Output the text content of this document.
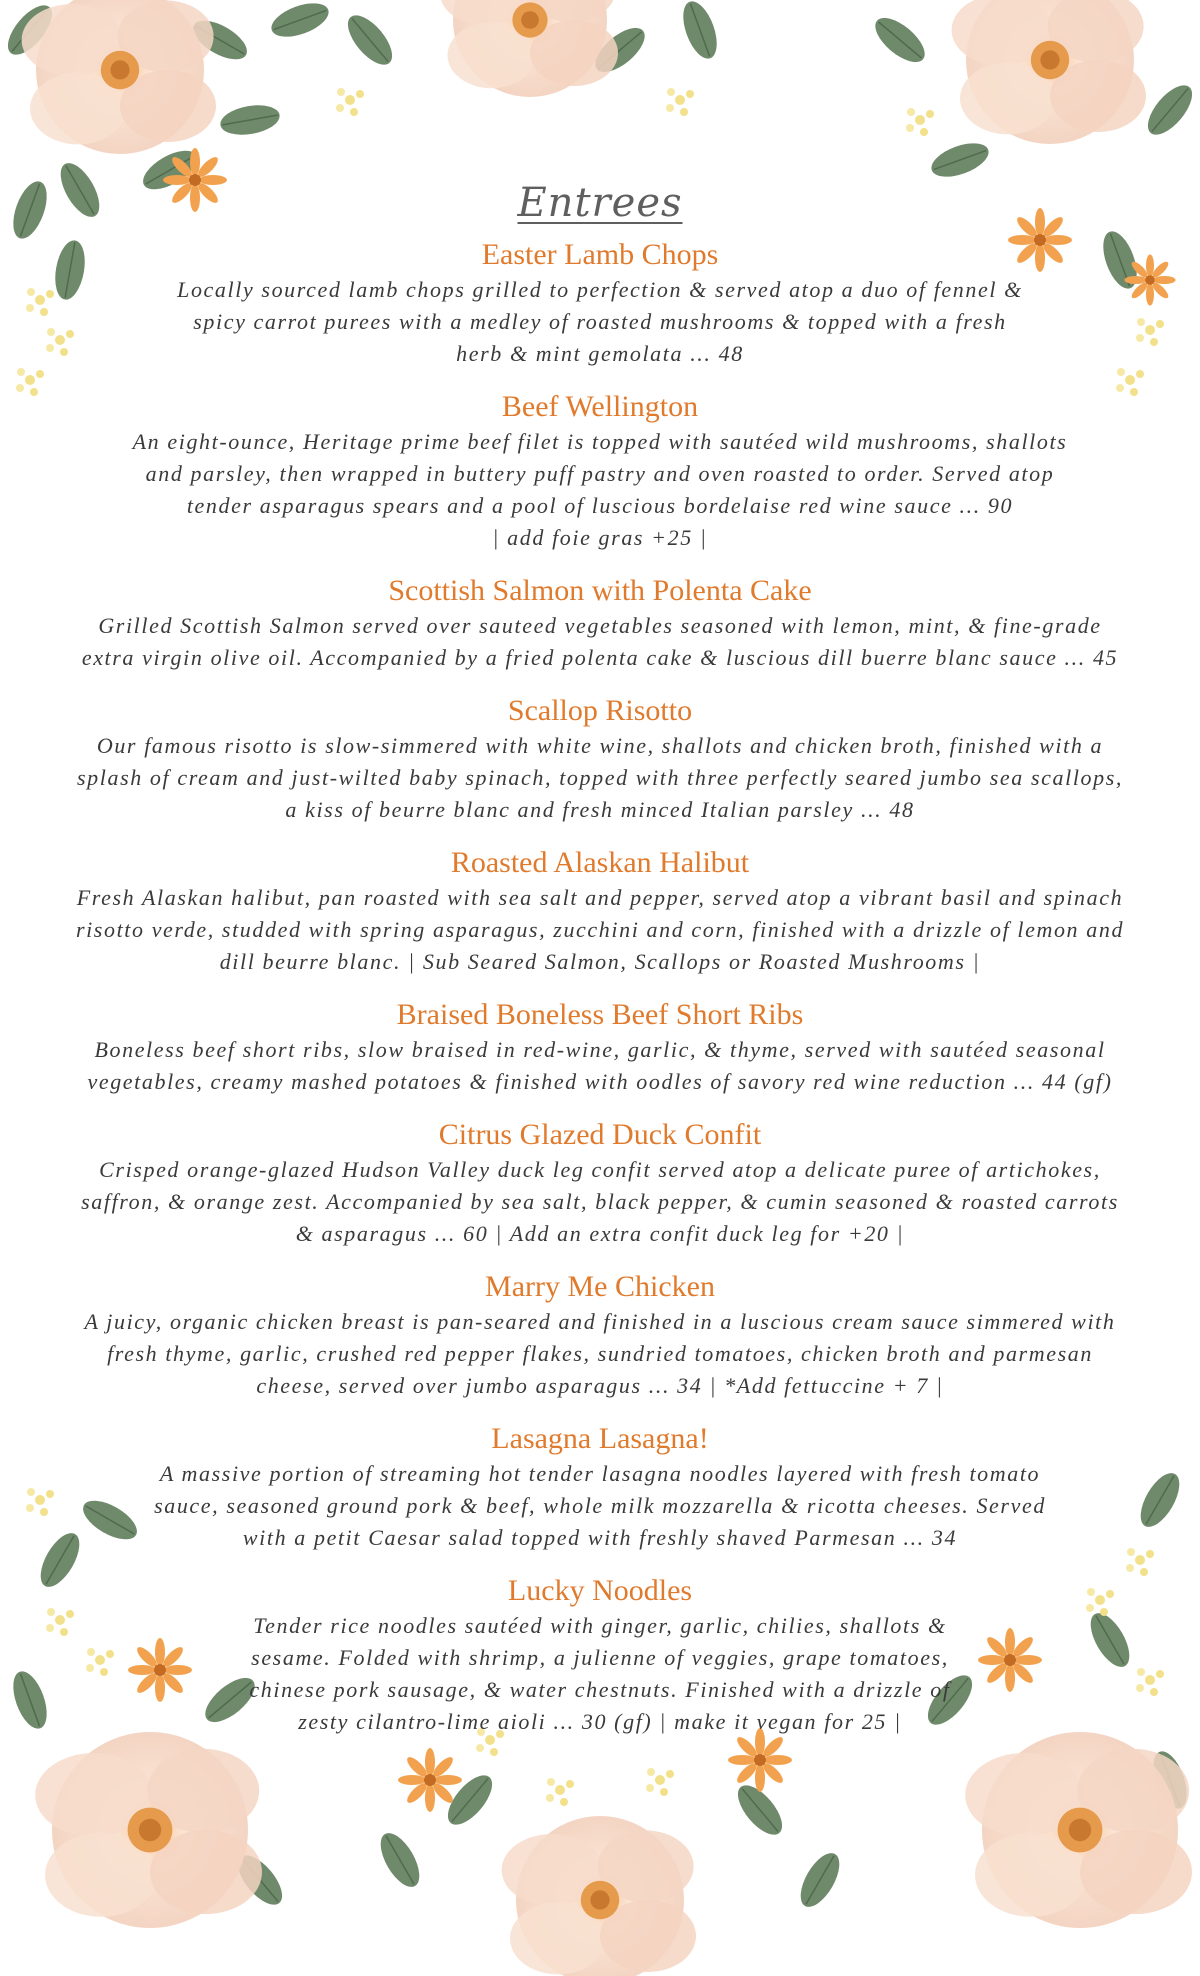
Entrees
Easter Lamb Chops
Locally sourced lamb chops grilled to perfection & served atop a duo of fennel &
spicy carrot purees with a medley of roasted mushrooms & topped with a fresh
herb & mint gemolata ... 48
Beef Wellington
An eight-ounce, Heritage prime beef filet is topped with sautéed wild mushrooms, shallots
and parsley, then wrapped in buttery puff pastry and oven roasted to order. Served atop
tender asparagus spears and a pool of luscious bordelaise red wine sauce ... 90
| add foie gras +25 |
Scottish Salmon with Polenta Cake
Grilled Scottish Salmon served over sauteed vegetables seasoned with lemon, mint, & fine-grade
extra virgin olive oil. Accompanied by a fried polenta cake & luscious dill buerre blanc sauce ... 45
Scallop Risotto
Our famous risotto is slow-simmered with white wine, shallots and chicken broth, finished with a
splash of cream and just-wilted baby spinach, topped with three perfectly seared jumbo sea scallops,
a kiss of beurre blanc and fresh minced Italian parsley ... 48
Roasted Alaskan Halibut
Fresh Alaskan halibut, pan roasted with sea salt and pepper, served atop a vibrant basil and spinach
risotto verde, studded with spring asparagus, zucchini and corn, finished with a drizzle of lemon and
dill beurre blanc. | Sub Seared Salmon, Scallops or Roasted Mushrooms |
Braised Boneless Beef Short Ribs
Boneless beef short ribs, slow braised in red-wine, garlic, & thyme, served with sautéed seasonal
vegetables, creamy mashed potatoes & finished with oodles of savory red wine reduction ... 44 (gf)
Citrus Glazed Duck Confit
Crisped orange-glazed Hudson Valley duck leg confit served atop a delicate puree of artichokes,
saffron, & orange zest. Accompanied by sea salt, black pepper, & cumin seasoned & roasted carrots
& asparagus ... 60 | Add an extra confit duck leg for +20 |
Marry Me Chicken
A juicy, organic chicken breast is pan-seared and finished in a luscious cream sauce simmered with
fresh thyme, garlic, crushed red pepper flakes, sundried tomatoes, chicken broth and parmesan
cheese, served over jumbo asparagus ... 34 | *Add fettuccine + 7 |
Lasagna Lasagna!
A massive portion of streaming hot tender lasagna noodles layered with fresh tomato
sauce, seasoned ground pork & beef, whole milk mozzarella & ricotta cheeses. Served
with a petit Caesar salad topped with freshly shaved Parmesan ... 34
Lucky Noodles
Tender rice noodles sautéed with ginger, garlic, chilies, shallots &
sesame. Folded with shrimp, a julienne of veggies, grape tomatoes,
chinese pork sausage, & water chestnuts. Finished with a drizzle of
zesty cilantro-lime aioli ... 30 (gf) | make it vegan for 25 |
